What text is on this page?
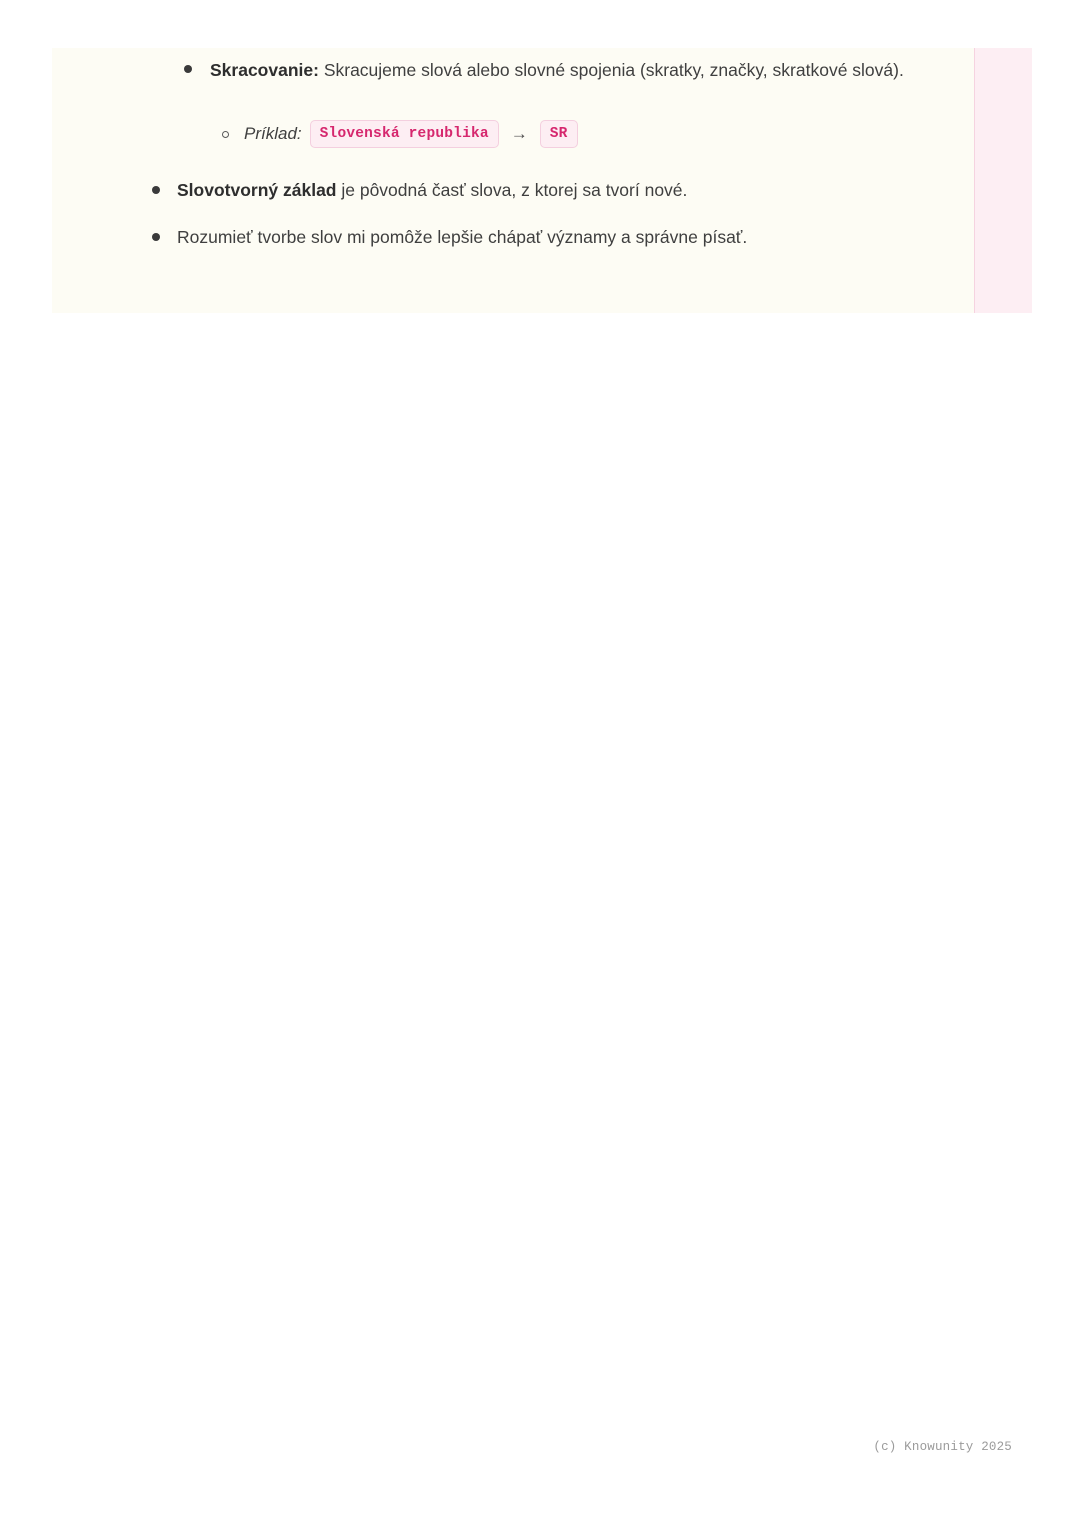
Skracovanie: Skracujeme slová alebo slovné spojenia (skratky, značky, skratkové slová).
Príklad:	Slovenská republika	→	SR
Slovotvorný základ je pôvodná časť slova, z ktorej sa tvorí nové.
Rozumieť tvorbe slov mi pomôže lepšie chápať významy a správne písať.
(c) Knowunity 2025
